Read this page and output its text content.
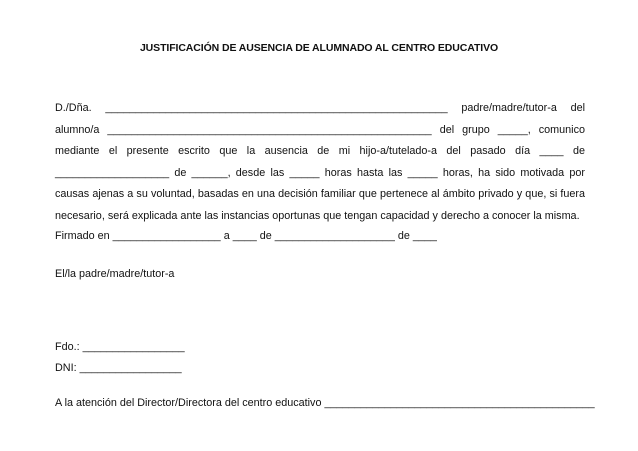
JUSTIFICACIÓN DE AUSENCIA DE ALUMNADO AL CENTRO EDUCATIVO

D./Dña. _________________________________________________________ padre/madre/tutor-a del alumno/a ______________________________________________________ del grupo _____, comunico mediante el presente escrito que la ausencia de mi hijo-a/tutelado-a del pasado día ____ de ___________________ de ______, desde las _____ horas hasta las _____ horas, ha sido motivada por causas ajenas a su voluntad, basadas en una decisión familiar que pertenece al ámbito privado y que, si fuera necesario, será explicada ante las instancias oportunas que tengan capacidad y derecho a conocer la misma.

Firmado en __________________ a ____ de ____________________ de ____
El/la padre/madre/tutor-a
Fdo.: _________________
DNI: _________________
A la atención del Director/Directora del centro educativo _____________________________________________
